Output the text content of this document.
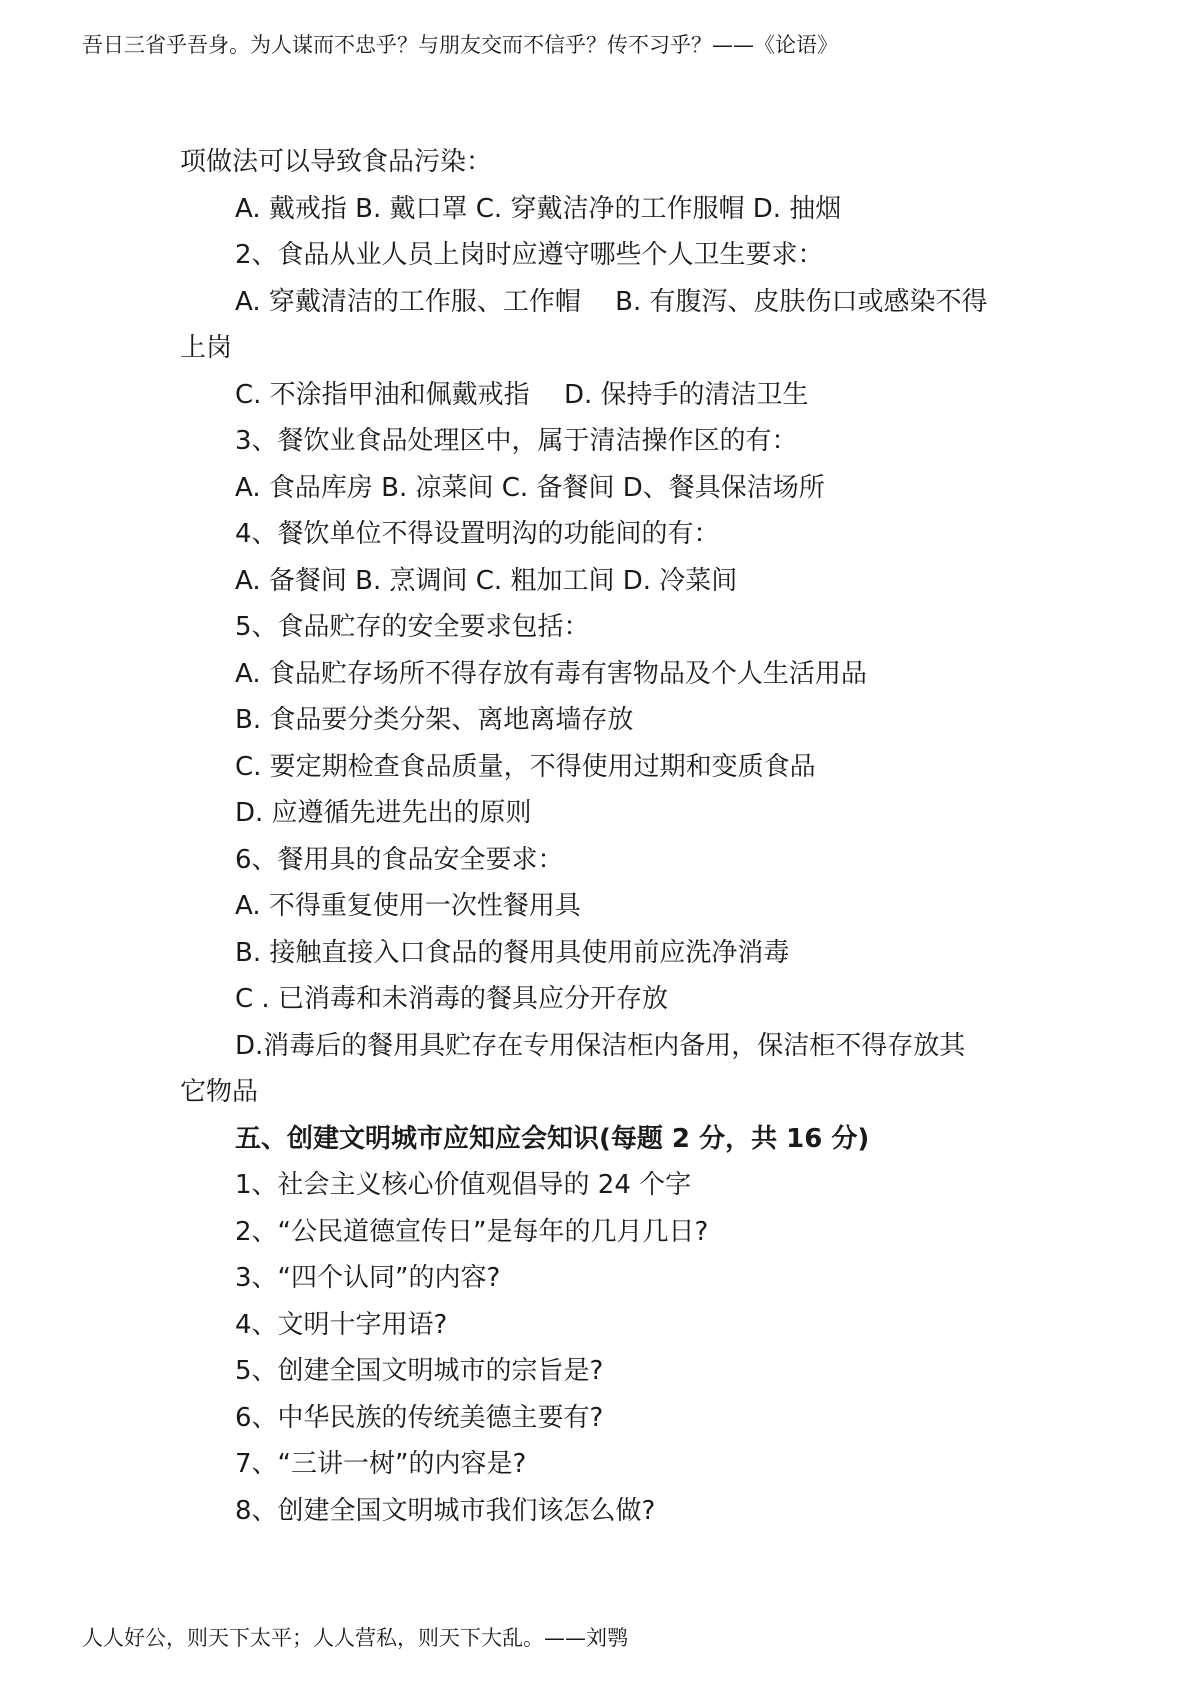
吾日三省乎吾身。为人谋而不忠乎？与朋友交而不信乎？传不习乎？——《论语》
项做法可以导致食品污染：
A. 戴戒指 B. 戴口罩 C. 穿戴洁净的工作服帽 D. 抽烟
2、食品从业人员上岗时应遵守哪些个人卫生要求：
A. 穿戴清洁的工作服、工作帽　 B. 有腹泻、皮肤伤口或感染不得
上岗
C. 不涂指甲油和佩戴戒指　 D. 保持手的清洁卫生
3、餐饮业食品处理区中，属于清洁操作区的有：
A. 食品库房 B. 凉菜间 C. 备餐间 D、餐具保洁场所
4、餐饮单位不得设置明沟的功能间的有：
A. 备餐间 B. 烹调间 C. 粗加工间 D. 冷菜间
5、食品贮存的安全要求包括：
A. 食品贮存场所不得存放有毒有害物品及个人生活用品
B. 食品要分类分架、离地离墙存放
C. 要定期检查食品质量，不得使用过期和变质食品
D. 应遵循先进先出的原则
6、餐用具的食品安全要求：
A. 不得重复使用一次性餐用具
B. 接触直接入口食品的餐用具使用前应洗净消毒
C . 已消毒和未消毒的餐具应分开存放
D.消毒后的餐用具贮存在专用保洁柜内备用，保洁柜不得存放其
它物品
五、创建文明城市应知应会知识(每题 2 分，共 16 分)
1、社会主义核心价值观倡导的 24 个字
2、“公民道德宣传日”是每年的几月几日?
3、“四个认同”的内容?
4、文明十字用语?
5、创建全国文明城市的宗旨是?
6、中华民族的传统美德主要有?
7、“三讲一树”的内容是?
8、创建全国文明城市我们该怎么做?
人人好公，则天下太平；人人营私，则天下大乱。——刘鹗
